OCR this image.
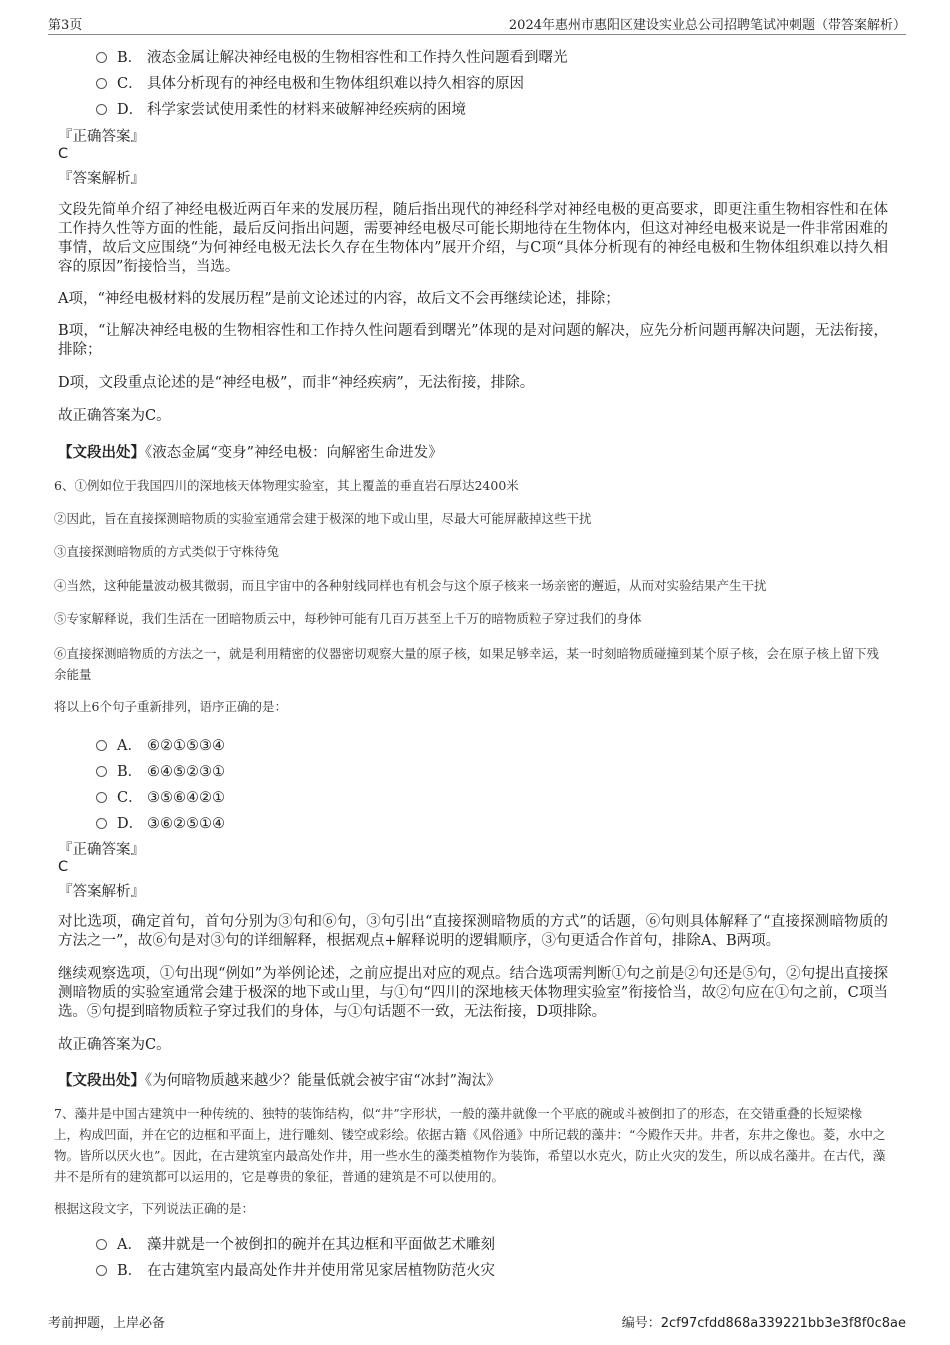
第3页	2024年惠州市惠阳区建设实业总公司招聘笔试冲刺题（带答案解析）
B． 液态金属让解决神经电极的生物相容性和工作持久性问题看到曙光
C． 具体分析现有的神经电极和生物体组织难以持久相容的原因
D． 科学家尝试使用柔性的材料来破解神经疾病的困境
『正确答案』
C
『答案解析』
文段先简单介绍了神经电极近两百年来的发展历程，随后指出现代的神经科学对神经电极的更高要求，即更注重生物相容性和在体工作持久性等方面的性能，最后反问指出问题，需要神经电极尽可能长期地待在生物体内，但这对神经电极来说是一件非常困难的事情，故后文应围绕“为何神经电极无法长久存在生物体内”展开介绍，与C项“具体分析现有的神经电极和生物体组织难以持久相容的原因”衔接恰当，当选。
A项，“神经电极材料的发展历程”是前文论述过的内容，故后文不会再继续论述，排除；
B项，“让解决神经电极的生物相容性和工作持久性问题看到曙光”体现的是对问题的解决，应先分析问题再解决问题，无法衔接，排除；
D项，文段重点论述的是“神经电极”，而非“神经疾病”，无法衔接，排除。
故正确答案为C。
【文段出处】《液态金属“变身”神经电极：向解密生命进发》
6、①例如位于我国四川的深地核天体物理实验室，其上覆盖的垂直岩石厚达2400米
②因此，旨在直接探测暗物质的实验室通常会建于极深的地下或山里，尽最大可能屏蔽掉这些干扰
③直接探测暗物质的方式类似于守株待兔
④当然，这种能量波动极其微弱，而且宇宙中的各种射线同样也有机会与这个原子核来一场亲密的邂逅，从而对实验结果产生干扰
⑤专家解释说，我们生活在一团暗物质云中，每秒钟可能有几百万甚至上千万的暗物质粒子穿过我们的身体
⑥直接探测暗物质的方法之一，就是利用精密的仪器密切观察大量的原子核，如果足够幸运，某一时刻暗物质碰撞到某个原子核，会在原子核上留下残余能量
将以上6个句子重新排列，语序正确的是：
A． ⑥②①⑤③④
B． ⑥④⑤②③①
C． ③⑤⑥④②①
D． ③⑥②⑤①④
『正确答案』
C
『答案解析』
对比选项，确定首句，首句分别为③句和⑥句，③句引出“直接探测暗物质的方式”的话题，⑥句则具体解释了“直接探测暗物质的方法之一”，故⑥句是对③句的详细解释，根据观点+解释说明的逻辑顺序，③句更适合作首句，排除A、B两项。
继续观察选项，①句出现“例如”为举例论述，之前应提出对应的观点。结合选项需判断①句之前是②句还是⑤句，②句提出直接探测暗物质的实验室通常会建于极深的地下或山里，与①句“四川的深地核天体物理实验室”衔接恰当，故②句应在①句之前，C项当选。⑤句提到暗物质粒子穿过我们的身体，与①句话题不一致，无法衔接，D项排除。
故正确答案为C。
【文段出处】《为何暗物质越来越少？能量低就会被宇宙“冰封”淘汰》
7、藻井是中国古建筑中一种传统的、独特的装饰结构，似“井”字形状，一般的藻井就像一个平底的碗或斗被倒扣了的形态，在交错重叠的长短梁椽上，构成凹面，并在它的边框和平面上，进行雕刻、镂空或彩绘。依据古籍《风俗通》中所记载的藻井：“今殿作天井。井者，东井之像也。菱，水中之物。皆所以厌火也”。因此，在古建筑室内最高处作井，用一些水生的藻类植物作为装饰，希望以水克火，防止火灾的发生，所以成名藻井。在古代，藻井不是所有的建筑都可以运用的，它是尊贵的象征，普通的建筑是不可以使用的。
根据这段文字，下列说法正确的是：
A． 藻井就是一个被倒扣的碗并在其边框和平面做艺术雕刻
B． 在古建筑室内最高处作井并使用常见家居植物防范火灾
考前押题，上岸必备	编号：2cf97cfdd868a339221bb3e3f8f0c8ae
